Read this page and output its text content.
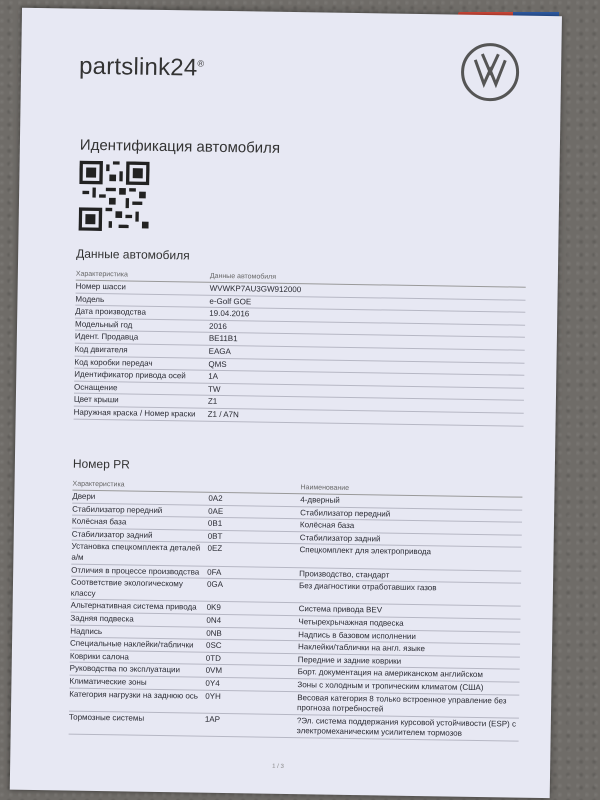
partslink24®
Идентификация автомобиля
Данные автомобиля
Характеристика	Данные автомобиля
Номер шасси	WVWKP7AU3GW912000
Модель	e-Golf GOE
Дата производства	19.04.2016
Модельный год	2016
Идент. Продавца	BE11B1
Код двигателя	EAGA
Код коробки передач	QMS
Идентификатор привода осей	1A
Оснащение	TW
Цвет крыши	Z1
Наружная краска / Номер краски	Z1 / A7N
Номер PR
Характеристика	Наименование
Двери	0A2	4-дверный
Стабилизатор передний	0AE	Стабилизатор передний
Колёсная база	0B1	Колёсная база
Стабилизатор задний	0BT	Стабилизатор задний
Установка спецкомплекта деталей а/м
0EZ	Спецкомплект для электропривода
Отличия в процессе производства 0FA	Производство, стандарт
Соответствие экологическому классу
0GA	Без диагностики отработавших газов
Альтернативная система привода	0K9	Система привода BEV
Задняя подвеска	0N4	Четырехрычажная подвеска
Надпись	0NB	Надпись в базовом исполнении
Специальные наклейки/таблички	0SC	Наклейки/таблички на англ. языке
Коврики салона	0TD	Передние и задние коврики
Руководства по эксплуатации	0VM	Борт. документация на американском английском
Климатические зоны	0Y4	Зоны с холодным и тропическим климатом (США)
Категория нагрузки на заднюю ось 0YH	Весовая категория 8 только встроенное управление без прогноза потребностей
Тормозные системы	1AP	?Эл. система поддержания курсовой устойчивости (ESP) с электромеханическим усилителем тормозов
1 / 3
